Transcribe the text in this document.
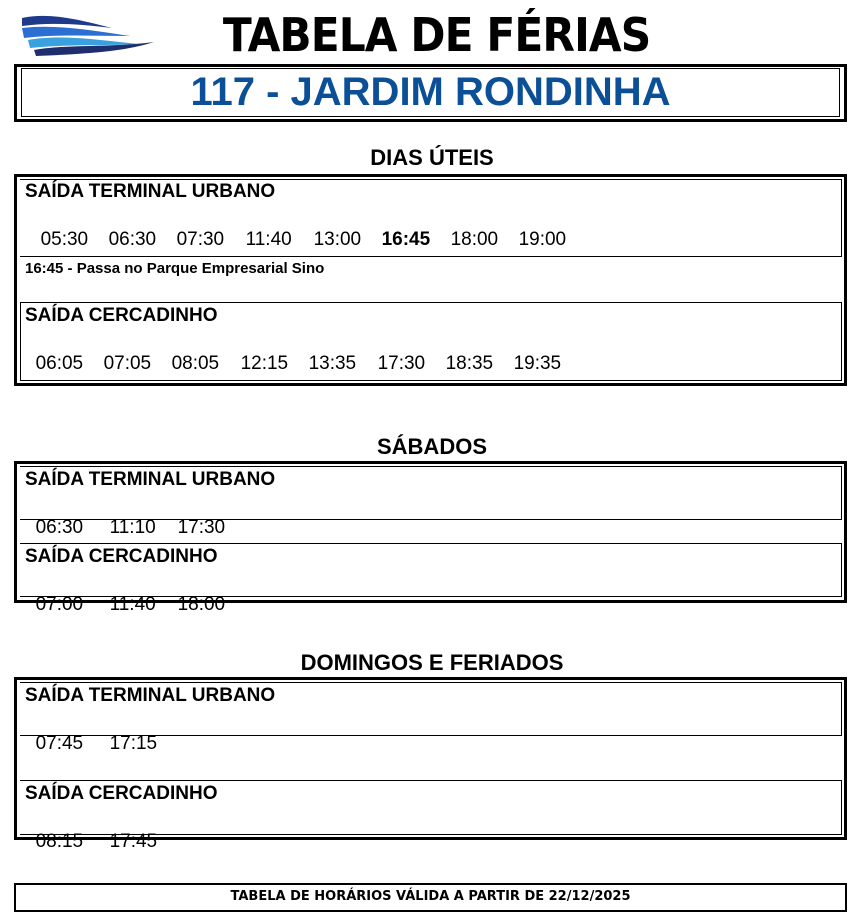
TABELA DE FÉRIAS
117 - JARDIM RONDINHA
DIAS ÚTEIS
SAÍDA TERMINAL URBANO

05:30 06:30 07:30 11:40 13:00 16:45 18:00 19:00

16:45 - Passa no Parque Empresarial Sino
SAÍDA CERCADINHO

06:05 07:05 08:05 12:15 13:35 17:30 18:35 19:35

SÁBADOS
SAÍDA TERMINAL URBANO

06:30 11:10 17:30

SAÍDA CERCADINHO

07:00 11:40 18:00

DOMINGOS E FERIADOS
SAÍDA TERMINAL URBANO

07:45 17:15

SAÍDA CERCADINHO

08:15 17:45

TABELA DE HORÁRIOS VÁLIDA A PARTIR DE 22/12/2025
